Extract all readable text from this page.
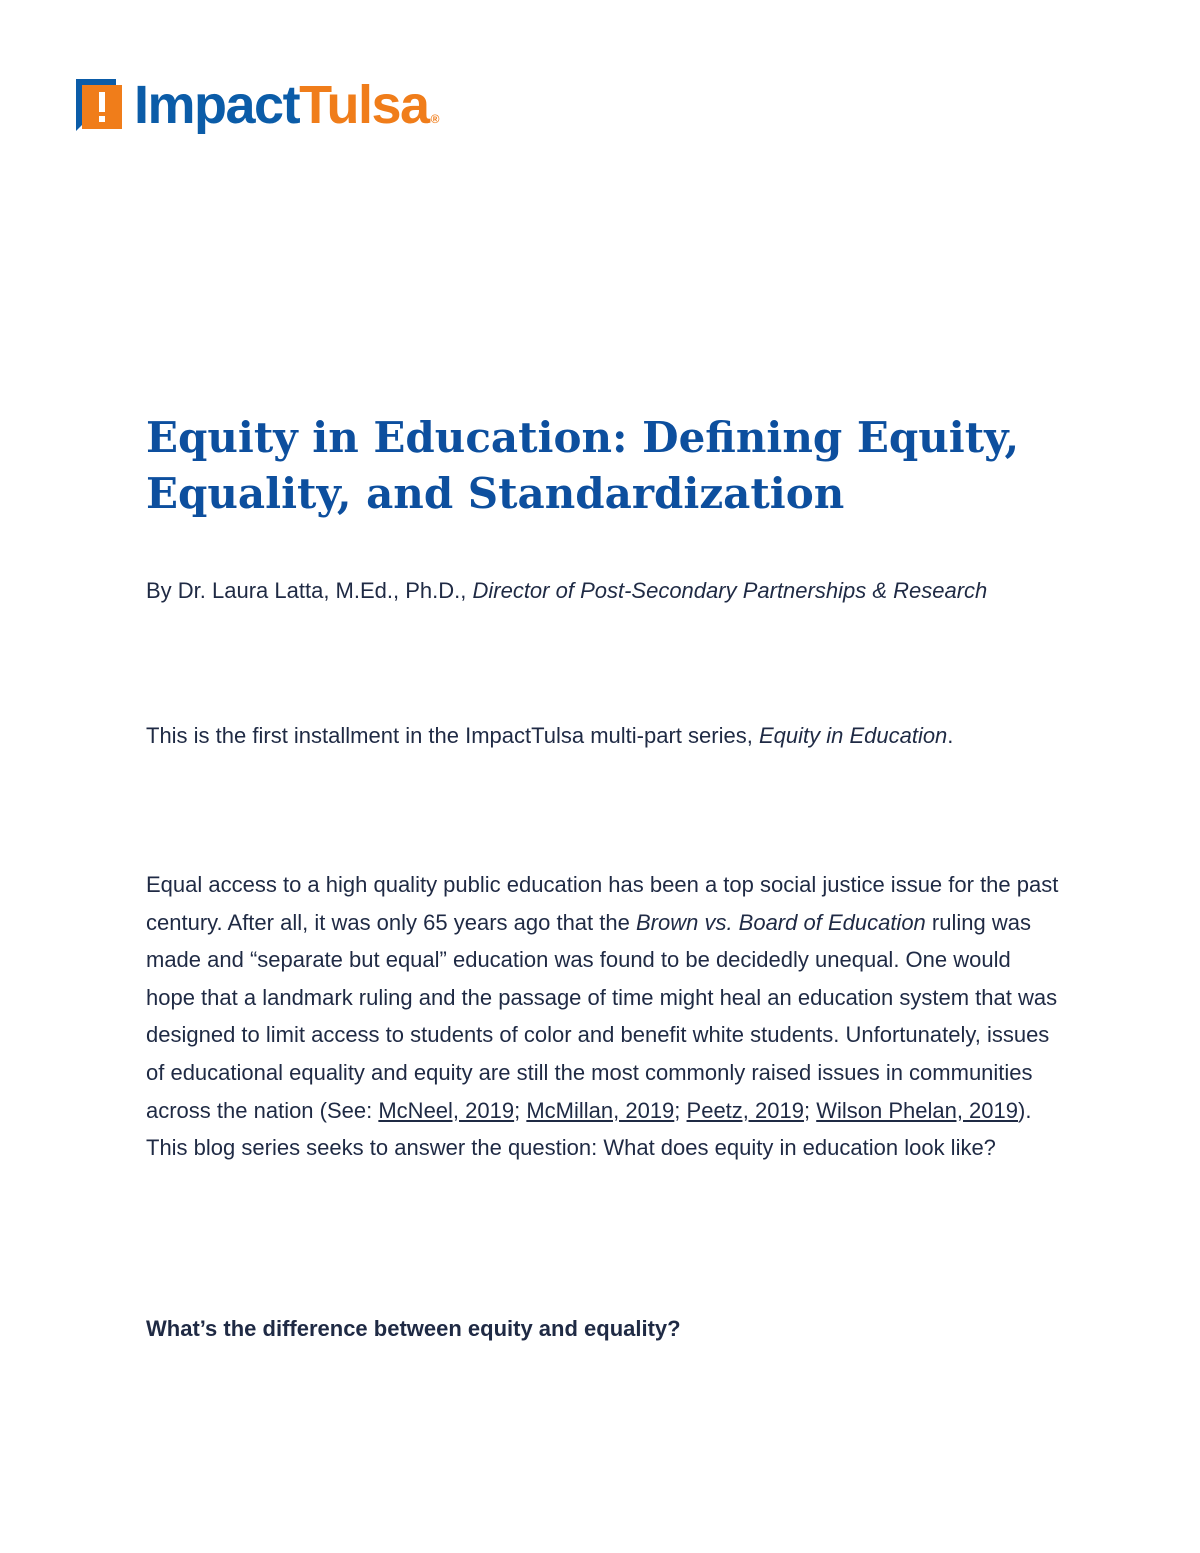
ImpactTulsa ®
Equity in Education: Defining Equity,
Equality, and Standardization

By Dr. Laura Latta, M.Ed., Ph.D., Director of Post-Secondary Partnerships & Research

This is the first installment in the ImpactTulsa multi-part series, Equity in Education.

Equal access to a high quality public education has been a top social justice issue for the past century. After all, it was only 65 years ago that the Brown vs. Board of Education ruling was made and “separate but equal” education was found to be decidedly unequal. One would hope that a landmark ruling and the passage of time might heal an education system that was designed to limit access to students of color and benefit white students. Unfortunately, issues of educational equality and equity are still the most commonly raised issues in communities across the nation (See: McNeel, 2019; McMillan, 2019; Peetz, 2019; Wilson Phelan, 2019). This blog series seeks to answer the question: What does equity in education look like?

What’s the difference between equity and equality?
